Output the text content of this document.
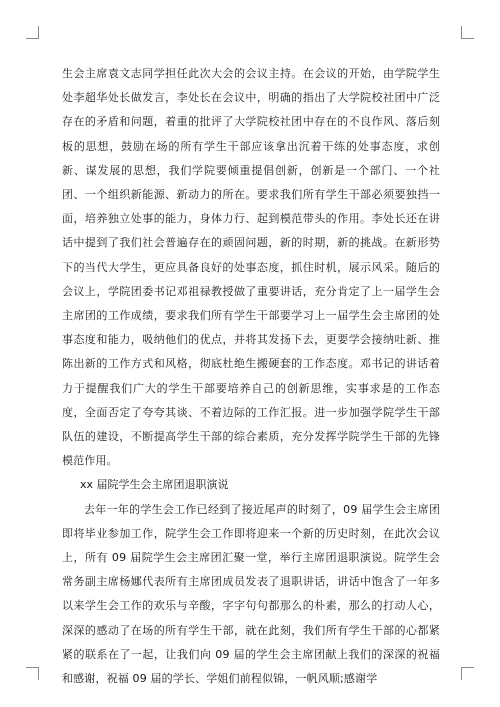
生会主席袁文志同学担任此次大会的会议主持。在会议的开始，由学院学生处李超华处长做发言，李处长在会议中，明确的指出了大学院校社团中广泛存在的矛盾和问题，着重的批评了大学院校社团中存在的不良作风、落后刻板的思想，鼓励在场的所有学生干部应该拿出沉着干练的处事态度，求创新、谋发展的思想，我们学院要倾重提倡创新，创新是一个部门、一个社团、一个组织新能源、新动力的所在。要求我们所有学生干部必须要独挡一面，培养独立处事的能力，身体力行、起到模范带头的作用。李处长还在讲话中提到了我们社会普遍存在的顽固问题，新的时期，新的挑战。在新形势下的当代大学生，更应具备良好的处事态度，抓住时机，展示风采。随后的会议上，学院团委书记邓祖禄教授做了重要讲话，充分肯定了上一届学生会主席团的工作成绩，要求我们所有学生干部要学习上一届学生会主席团的处事态度和能力，吸纳他们的优点，并将其发扬下去，更要学会接纳吐新、推陈出新的工作方式和风格，彻底杜绝生搬硬套的工作态度。邓书记的讲话着力于提醒我们广大的学生干部要培养自己的创新思维，实事求是的工作态度，全面否定了夸夸其谈、不着边际的工作汇报。进一步加强学院学生干部队伍的建设，不断提高学生干部的综合素质，充分发挥学院学生干部的先锋模范作用。

xx 届院学生会主席团退职演说

去年一年的学生会工作已经到了接近尾声的时刻了，09 届学生会主席团即将毕业参加工作，院学生会工作即将迎来一个新的历史时刻，在此次会议上，所有 09 届院学生会主席团汇聚一堂，举行主席团退职演说。院学生会常务副主席杨娜代表所有主席团成员发表了退职讲话，讲话中饱含了一年多以来学生会工作的欢乐与辛酸，字字句句都那么的朴素，那么的打动人心，深深的感动了在场的所有学生干部，就在此刻，我们所有学生干部的心都紧紧的联系在了一起，让我们向 09 届的学生会主席团献上我们的深深的祝福和感谢，祝福 09 届的学长、学姐们前程似锦，一帆风顺;感谢学
